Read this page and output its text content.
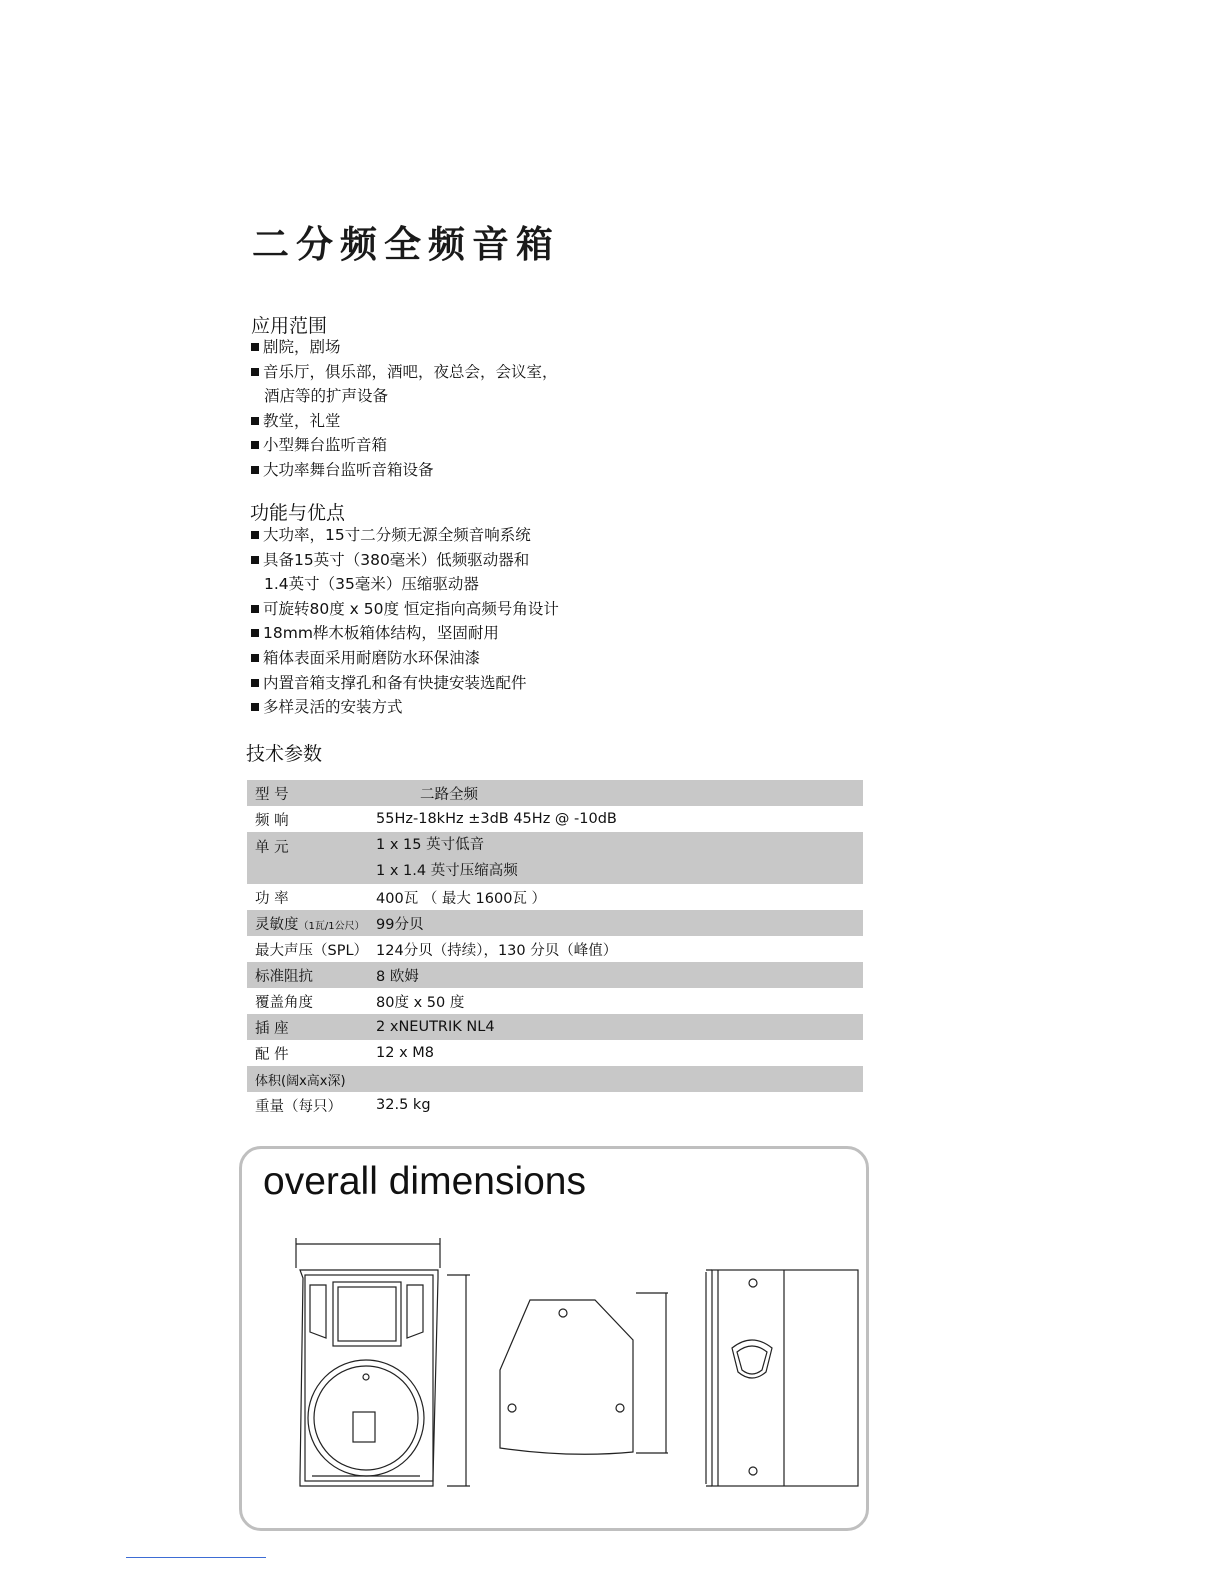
二分频全频音箱
应用范围
剧院，剧场
音乐厅，俱乐部，酒吧，夜总会，会议室，
酒店等的扩声设备
教堂，礼堂
小型舞台监听音箱
大功率舞台监听音箱设备
功能与优点
大功率，15寸二分频无源全频音响系统
具备15英寸（380毫米）低频驱动器和
1.4英寸（35毫米）压缩驱动器
可旋转80度 x 50度 恒定指向高频号角设计
18mm桦木板箱体结构，坚固耐用
箱体表面采用耐磨防水环保油漆
内置音箱支撑孔和备有快捷安装选配件
多样灵活的安装方式
技术参数
型 号	二路全频
频 响	55Hz-18kHz ±3dB 45Hz @ -10dB
单 元	1 x 15 英寸低音
1 x 1.4 英寸压缩高频

功 率	400瓦 （ 最大 1600瓦 ）
灵敏度（1瓦/1公尺）	99分贝
最大声压（SPL）	124分贝（持续），130 分贝（峰值）
标准阻抗	8 欧姆
覆盖角度	80度 x 50 度
插 座	2 xNEUTRIK NL4
配 件	12 x M8
体积(阔x高x深)	
重量（每只）	32.5 kg
overall dimensions
